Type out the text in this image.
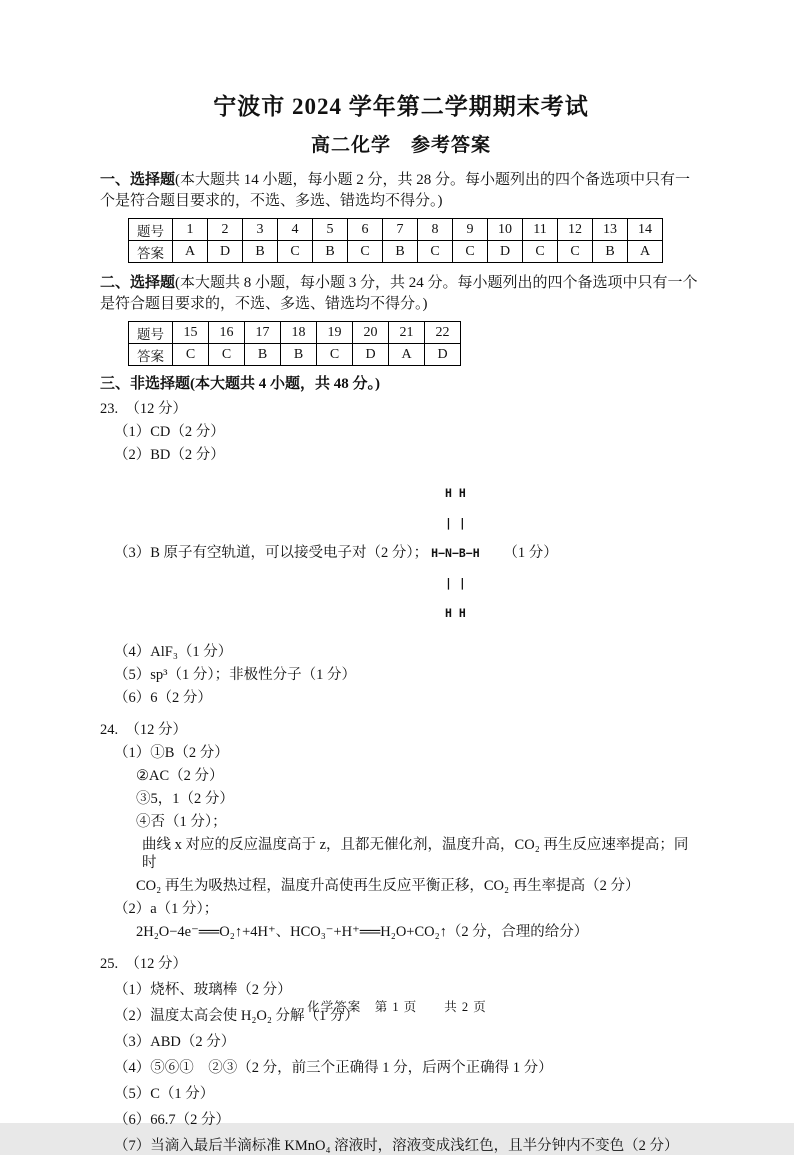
宁波市 2024 学年第二学期期末考试
高二化学　参考答案
一、选择题(本大题共 14 小题，每小题 2 分，共 28 分。每小题列出的四个备选项中只有一个是符合题目要求的，不选、多选、错选均不得分。)
题号	1	2	3	4	5	6	7	8	9	10	11	12	13	14
答案	A	D	B	C	B	C	B	C	C	D	C	C	B	A
二、选择题(本大题共 8 小题，每小题 3 分，共 24 分。每小题列出的四个备选项中只有一个是符合题目要求的，不选、多选、错选均不得分。)
题号	15	16	17	18	19	20	21	22
答案	C	C	B	B	C	D	A	D
三、非选择题(本大题共 4 小题，共 48 分。)
23.  （12 分）
（1）CD（2 分）
（2）BD（2 分）
（3）B 原子有空轨道，可以接受电子对（2 分）；

H H

| |

H−N−B−H

| |

H H

（1 分）
（4）AlF₃（1 分）
（5）sp³（1 分）；非极性分子（1 分）
（6）6（2 分）
24.  （12 分）
（1）①B（2 分）
②AC（2 分）
③5，1（2 分）
④否（1 分）；
曲线 x 对应的反应温度高于 z，且都无催化剂，温度升高，CO₂ 再生反应速率提高；同时
CO₂ 再生为吸热过程，温度升高使再生反应平衡正移，CO₂ 再生率提高（2 分）
（2）a（1 分）；
2H₂O−4e⁻══O₂↑+4H⁺、HCO₃⁻+H⁺══H₂O+CO₂↑（2 分，合理的给分）
25.  （12 分）
（1）烧杯、玻璃棒（2 分）
（2）温度太高会使 H₂O₂ 分解（1 分）
（3）ABD（2 分）
（4）⑤⑥①　②③（2 分，前三个正确得 1 分，后两个正确得 1 分）
（5）C（1 分）
（6）66.7（2 分）
（7）当滴入最后半滴标准 KMnO₄ 溶液时，溶液变成浅红色，且半分钟内不变色（2 分）
化学答案　第 1 页　　共 2 页
